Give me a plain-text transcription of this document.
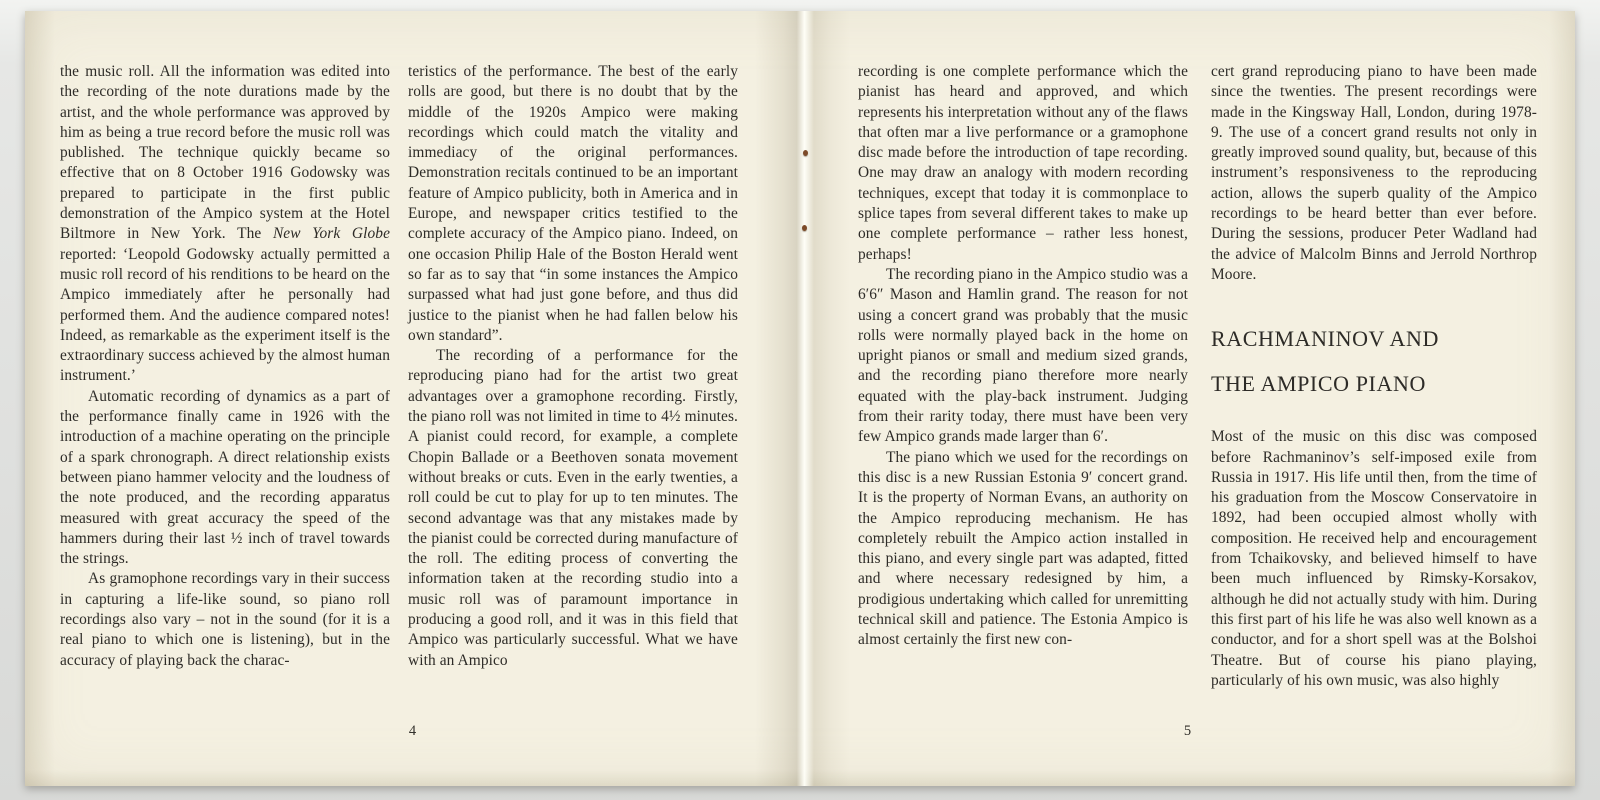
the music roll. All the information was edited into the recording of the note durations made by the artist, and the whole performance was approved by him as being a true record before the music roll was published. The technique quickly became so effective that on 8 October 1916 Godowsky was prepared to participate in the first public demonstration of the Ampico system at the Hotel Biltmore in New York. The New York Globe reported: ‘Leopold Godowsky actually permitted a music roll record of his renditions to be heard on the Ampico immediately after he personally had performed them. And the audience compared notes! Indeed, as remarkable as the experiment itself is the extraordinary success achieved by the almost human instrument.’

Automatic recording of dynamics as a part of the performance finally came in 1926 with the introduction of a machine operating on the principle of a spark chronograph. A direct relationship exists between piano hammer velocity and the loudness of the note produced, and the recording apparatus measured with great accuracy the speed of the hammers during their last ½ inch of travel towards the strings.

As gramophone recordings vary in their success in capturing a life-like sound, so piano roll recordings also vary – not in the sound (for it is a real piano to which one is listening), but in the accuracy of playing back the charac-

teristics of the performance. The best of the early rolls are good, but there is no doubt that by the middle of the 1920s Ampico were making recordings which could match the vitality and immediacy of the original performances. Demonstration recitals continued to be an important feature of Ampico publicity, both in America and in Europe, and newspaper critics testified to the complete accuracy of the Ampico piano. Indeed, on one occasion Philip Hale of the Boston Herald went so far as to say that “in some instances the Ampico surpassed what had just gone before, and thus did justice to the pianist when he had fallen below his own standard”.

The recording of a performance for the reproducing piano had for the artist two great advantages over a gramophone recording. Firstly, the piano roll was not limited in time to 4½ minutes. A pianist could record, for example, a complete Chopin Ballade or a Beethoven sonata movement without breaks or cuts. Even in the early twenties, a roll could be cut to play for up to ten minutes. The second advantage was that any mistakes made by the pianist could be corrected during manufacture of the roll. The editing process of converting the information taken at the recording studio into a music roll was of paramount importance in producing a good roll, and it was in this field that Ampico was particularly successful. What we have with an Ampico

4

recording is one complete performance which the pianist has heard and approved, and which represents his interpretation without any of the flaws that often mar a live performance or a gramophone disc made before the introduction of tape recording. One may draw an analogy with modern recording techniques, except that today it is commonplace to splice tapes from several different takes to make up one complete performance – rather less honest, perhaps!

The recording piano in the Ampico studio was a 6′6″ Mason and Hamlin grand. The reason for not using a concert grand was probably that the music rolls were normally played back in the home on upright pianos or small and medium sized grands, and the recording piano therefore more nearly equated with the play-back instrument. Judging from their rarity today, there must have been very few Ampico grands made larger than 6′.

The piano which we used for the recordings on this disc is a new Russian Estonia 9′ concert grand. It is the property of Norman Evans, an authority on the Ampico reproducing mechanism. He has completely rebuilt the Ampico action installed in this piano, and every single part was adapted, fitted and where necessary redesigned by him, a prodigious undertaking which called for unremitting technical skill and patience. The Estonia Ampico is almost certainly the first new con-

cert grand reproducing piano to have been made since the twenties. The present recordings were made in the Kingsway Hall, London, during 1978-9. The use of a concert grand results not only in greatly improved sound quality, but, because of this instrument’s responsiveness to the reproducing action, allows the superb quality of the Ampico recordings to be heard better than ever before. During the sessions, producer Peter Wadland had the advice of Malcolm Binns and Jerrold Northrop Moore.

RACHMANINOV AND
THE AMPICO PIANO

Most of the music on this disc was composed before Rachmaninov’s self-imposed exile from Russia in 1917. His life until then, from the time of his graduation from the Moscow Conservatoire in 1892, had been occupied almost wholly with composition. He received help and encouragement from Tchaikovsky, and believed himself to have been much influenced by Rimsky-Korsakov, although he did not actually study with him. During this first part of his life he was also well known as a conductor, and for a short spell was at the Bolshoi Theatre. But of course his piano playing, particularly of his own music, was also highly

5
